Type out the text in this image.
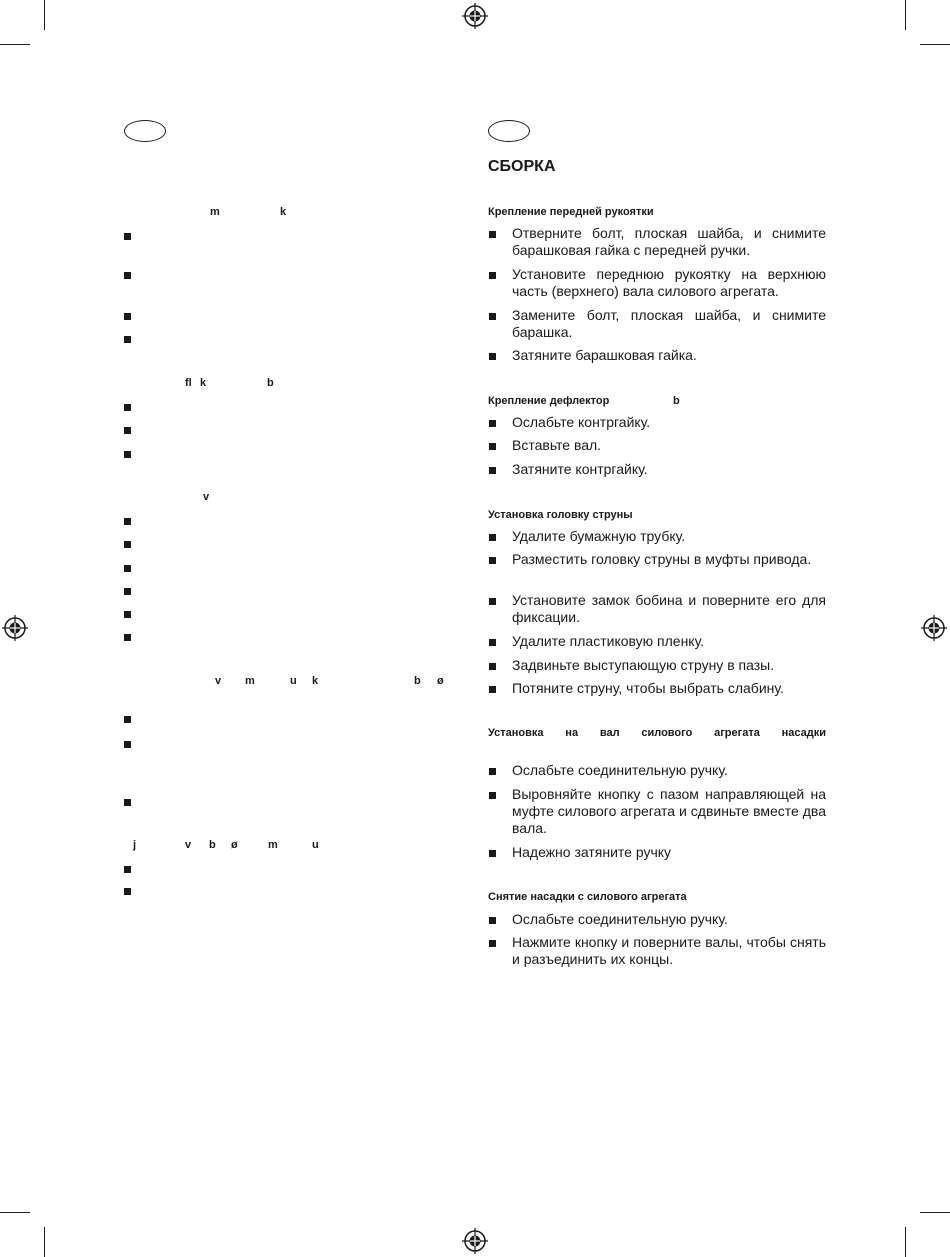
СБОРКА
Крепление передней рукоятки
Отверните болт, плоская шайба, и снимите барашковая гайка с передней ручки.
Установите переднюю рукоятку на верхнюю часть (верхнего) вала силового агрегата.
Замените болт, плоская шайба, и снимите барашка.
Затяните барашковая гайка.
Крепление дефлектор	b
Ослабьте контргайку.
Вставьте вал.
Затяните контргайку.
Установка головку струны
Удалите бумажную трубку.
Разместить головку струны в муфты привода.
Установите замок бобина и поверните его для фиксации.
Удалите пластиковую пленку.
Задвиньте выступающую струну в пазы.
Потяните струну, чтобы выбрать слабину.
Установка на вал силового агрегата насадки
Ослабьте соединительную ручку.
Выровняйте кнопку с пазом направляющей на муфте силового агрегата и сдвиньте вместе два вала.
Надежно затяните ручку
Снятие насадки с силового агрегата
Ослабьте соединительную ручку.
Нажмите кнопку и поверните валы, чтобы снять и разъединить их концы.
m	k
fl k	b
v
v m	u k	b ø
j	v b ø	m	u
